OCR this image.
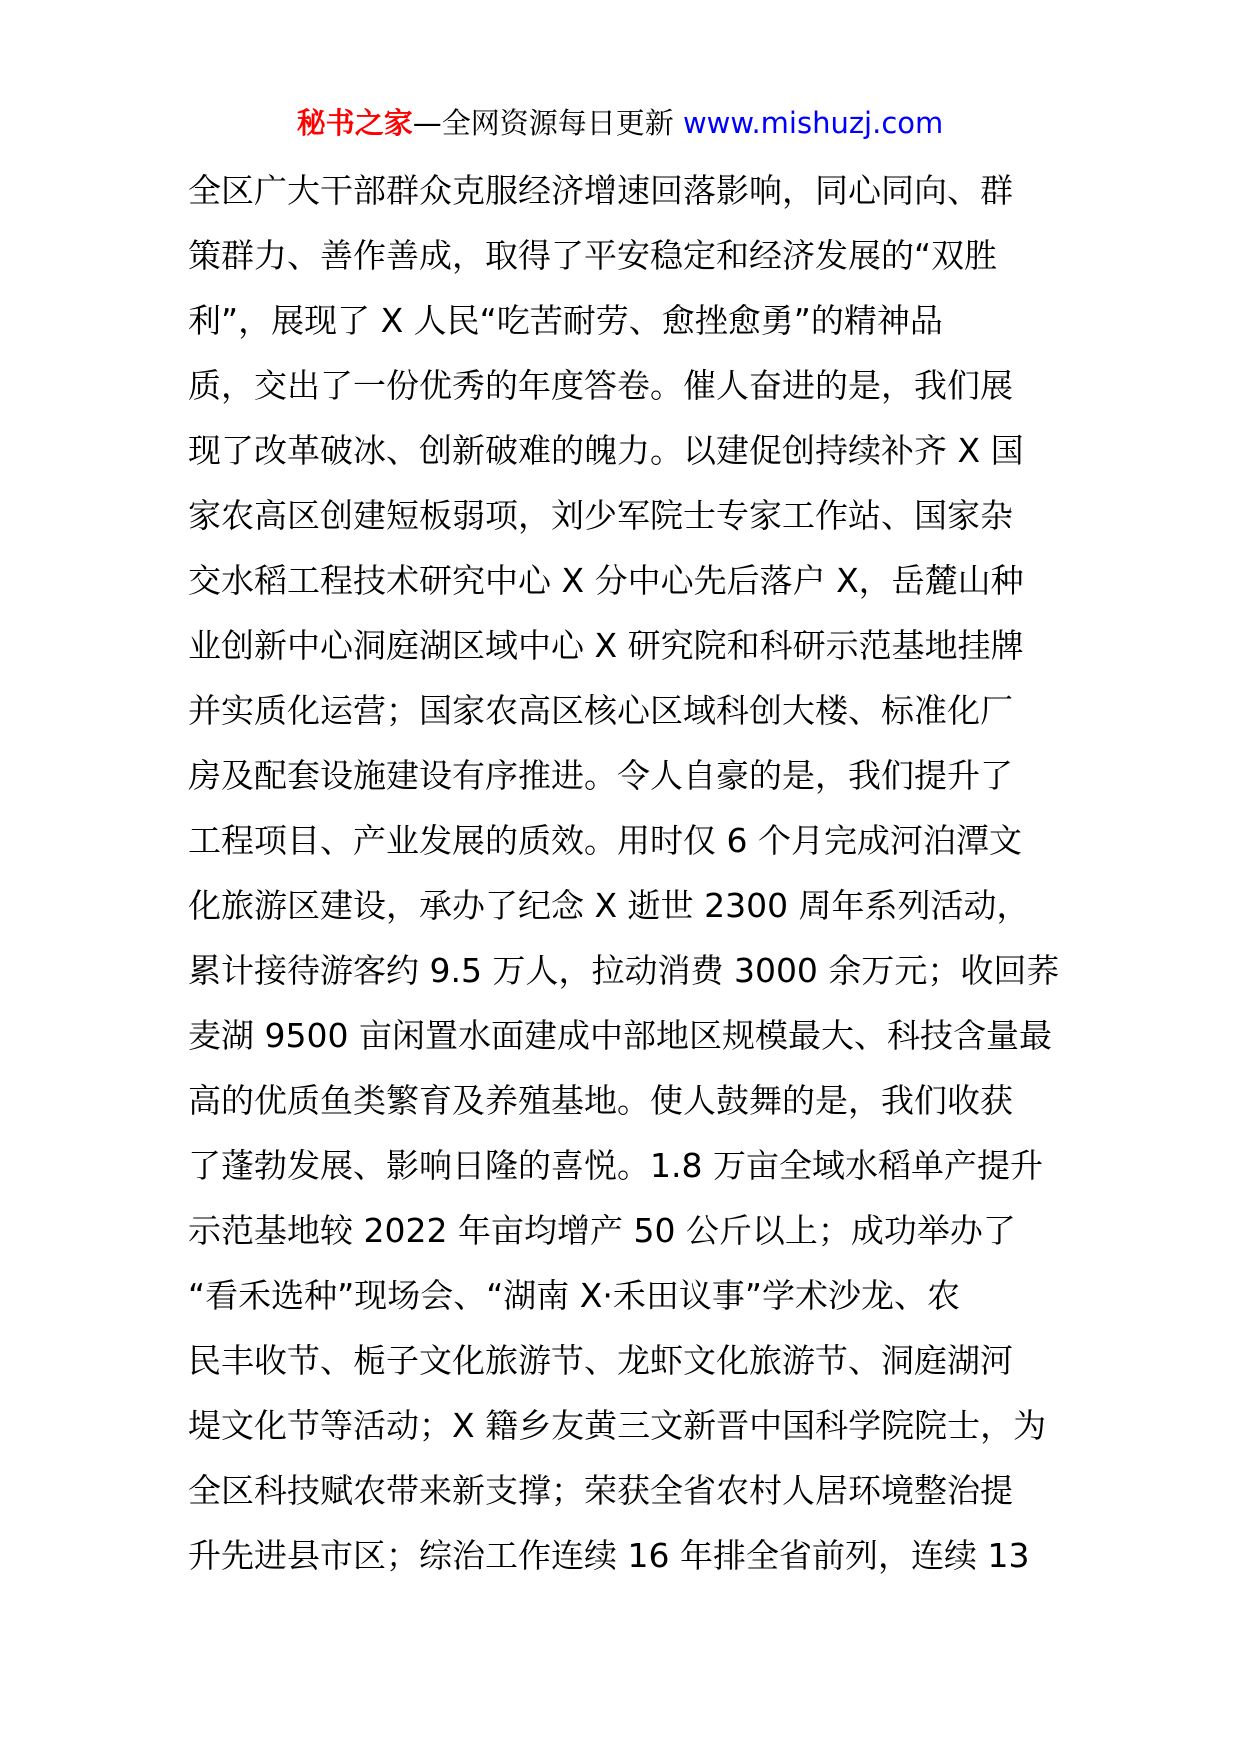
秘书之家—全网资源每日更新 www.mishuzj.com
全区广大干部群众克服经济增速回落影响，同心同向、群
策群力、善作善成，取得了平安稳定和经济发展的“双胜
利”，展现了 X 人民“吃苦耐劳、愈挫愈勇”的精神品
质，交出了一份优秀的年度答卷。催人奋进的是，我们展
现了改革破冰、创新破难的魄力。以建促创持续补齐 X 国
家农高区创建短板弱项，刘少军院士专家工作站、国家杂
交水稻工程技术研究中心 X 分中心先后落户 X，岳麓山种
业创新中心洞庭湖区域中心 X 研究院和科研示范基地挂牌
并实质化运营；国家农高区核心区域科创大楼、标准化厂
房及配套设施建设有序推进。令人自豪的是，我们提升了
工程项目、产业发展的质效。用时仅 6 个月完成河泊潭文
化旅游区建设，承办了纪念 X 逝世 2300 周年系列活动，
累计接待游客约 9.5 万人，拉动消费 3000 余万元；收回荞
麦湖 9500 亩闲置水面建成中部地区规模最大、科技含量最
高的优质鱼类繁育及养殖基地。使人鼓舞的是，我们收获
了蓬勃发展、影响日隆的喜悦。1.8 万亩全域水稻单产提升
示范基地较 2022 年亩均增产 50 公斤以上；成功举办了
“看禾选种”现场会、“湖南 X·禾田议事”学术沙龙、农
民丰收节、栀子文化旅游节、龙虾文化旅游节、洞庭湖河
堤文化节等活动；X 籍乡友黄三文新晋中国科学院院士，为
全区科技赋农带来新支撑；荣获全省农村人居环境整治提
升先进县市区；综治工作连续 16 年排全省前列，连续 13
